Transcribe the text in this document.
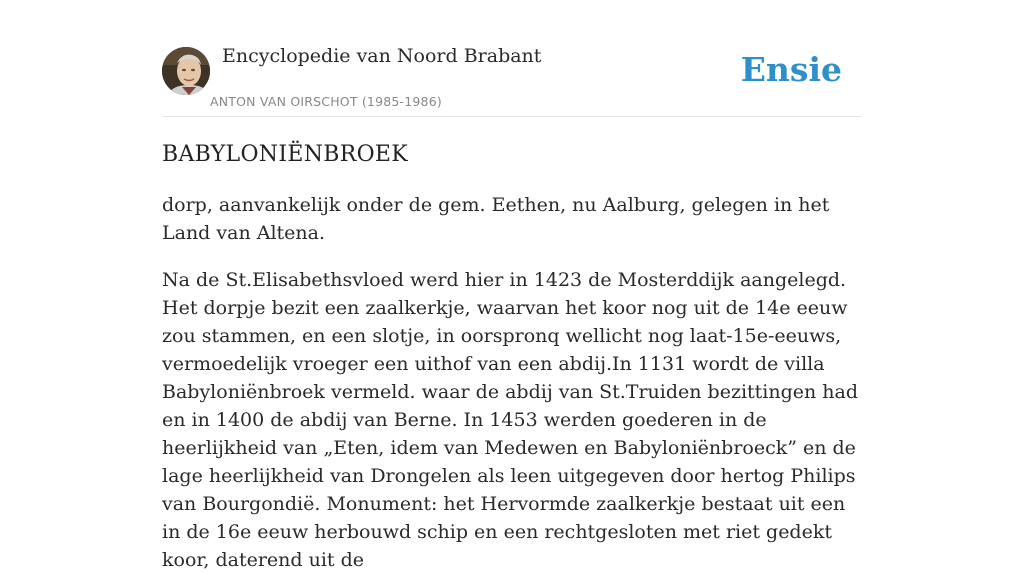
Encyclopedie van Noord Brabant
ANTON VAN OIRSCHOT (1985-1986)
Ensie
BABYLONIËNBROEK

dorp, aanvankelijk onder de gem. Eethen, nu Aalburg, gelegen in het Land van Altena.

Na de St.Elisabethsvloed werd hier in 1423 de Mosterddijk aangelegd. Het dorpje bezit een zaalkerkje, waarvan het koor nog uit de 14e eeuw zou stammen, en een slotje, in oorspronq wellicht nog laat-15e-eeuws, vermoedelijk vroeger een uithof van een abdij.In 1131 wordt de villa Babyloniënbroek vermeld. waar de abdij van St.Truiden bezittingen had en in 1400 de abdij van Berne. In 1453 werden goederen in de heerlijkheid van „Eten, idem van Medewen en Babyloniënbroeck” en de lage heerlijkheid van Drongelen als leen uitgegeven door hertog Philips van Bourgondië. Monument: het Hervormde zaalkerkje bestaat uit een in de 16e eeuw herbouwd schip en een rechtgesloten met riet gedekt koor, daterend uit de
